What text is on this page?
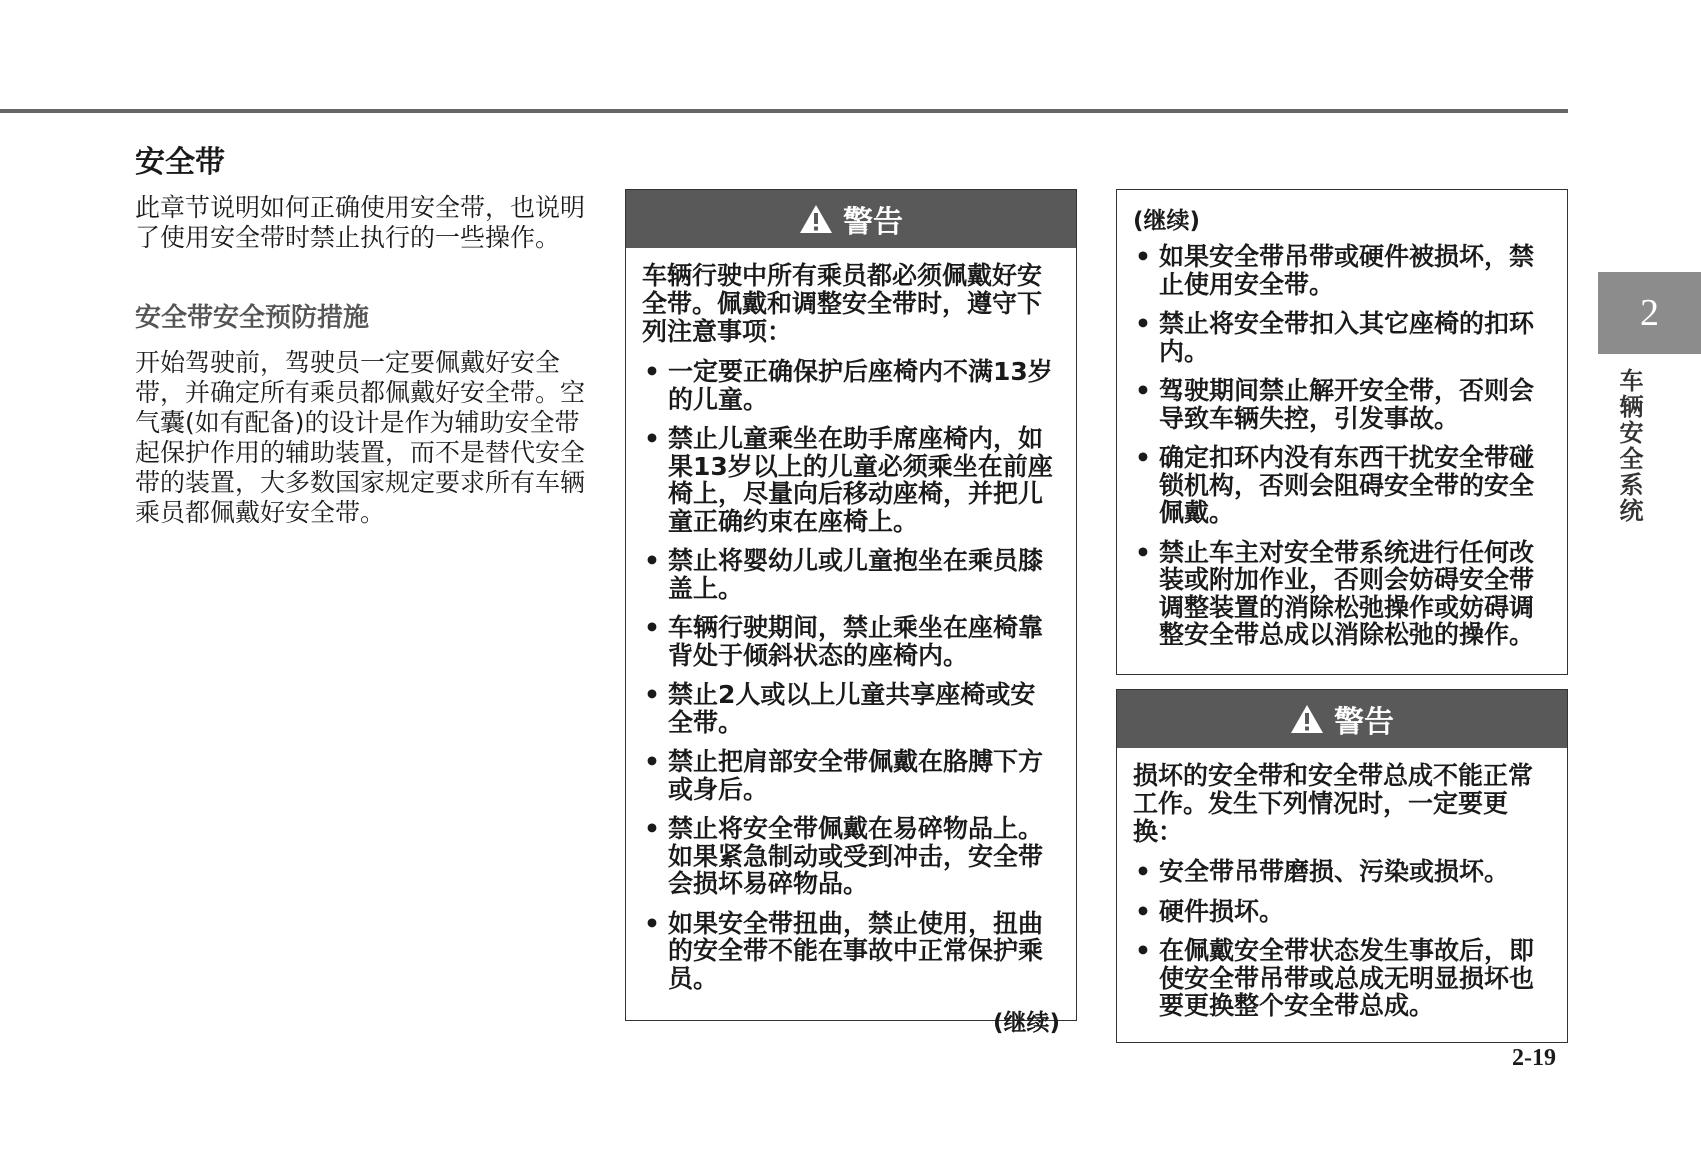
安全带

此章节说明如何正确使用安全带，也说明了使用安全带时禁止执行的一些操作。

安全带安全预防措施

开始驾驶前，驾驶员一定要佩戴好安全带，并确定所有乘员都佩戴好安全带。空气囊(如有配备)的设计是作为辅助安全带起保护作用的辅助装置，而不是替代安全带的装置，大多数国家规定要求所有车辆乘员都佩戴好安全带。

警告

车辆行驶中所有乘员都必须佩戴好安全带。佩戴和调整安全带时，遵守下列注意事项：

• 一定要正确保护后座椅内不满13岁的儿童。
• 禁止儿童乘坐在助手席座椅内，如果13岁以上的儿童必须乘坐在前座椅上，尽量向后移动座椅，并把儿童正确约束在座椅上。
• 禁止将婴幼儿或儿童抱坐在乘员膝盖上。
• 车辆行驶期间，禁止乘坐在座椅靠背处于倾斜状态的座椅内。
• 禁止2人或以上儿童共享座椅或安全带。
• 禁止把肩部安全带佩戴在胳膊下方或身后。
• 禁止将安全带佩戴在易碎物品上。如果紧急制动或受到冲击，安全带会损坏易碎物品。
• 如果安全带扭曲，禁止使用，扭曲的安全带不能在事故中正常保护乘员。
(继续)

(继续)

• 如果安全带吊带或硬件被损坏，禁止使用安全带。
• 禁止将安全带扣入其它座椅的扣环内。
• 驾驶期间禁止解开安全带，否则会导致车辆失控，引发事故。
• 确定扣环内没有东西干扰安全带碰锁机构，否则会阻碍安全带的安全佩戴。
• 禁止车主对安全带系统进行任何改装或附加作业，否则会妨碍安全带调整装置的消除松弛操作或妨碍调整安全带总成以消除松弛的操作。
警告

损坏的安全带和安全带总成不能正常工作。发生下列情况时，一定要更换：

• 安全带吊带磨损、污染或损坏。
• 硬件损坏。
• 在佩戴安全带状态发生事故后，即使安全带吊带或总成无明显损坏也要更换整个安全带总成。
2
车辆安全系统
2-19
